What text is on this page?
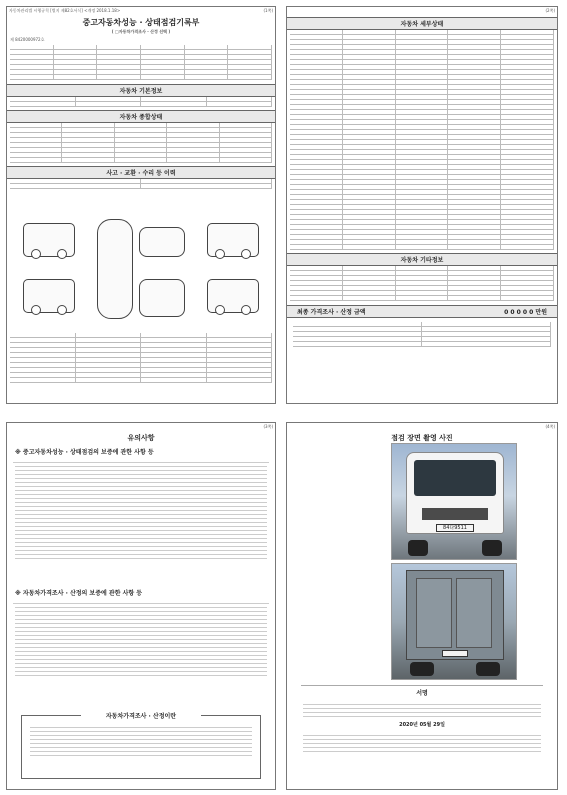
자동차관리법 시행규칙 [별지 제82호서식] <개정 2018.1.18>	(1쪽)
중고자동차성능 · 상태점검기록부
( □자동차가격조사 · 산정 선택 )
제 8420000972호
자동차 기본정보
자동차 종합상태
사고 · 교환 · 수리 등 이력
(2쪽)
자동차 세부상태
자동차 기타정보
최종 가격조사 · 산정 금액	0 0 0 0 0 만원
(3쪽)
유의사항
※ 중고자동차성능 · 상태점검의 보증에 관한 사항 등
※ 자동차가격조사 · 산정의 보증에 관한 사항 등
자동차가격조사 · 산정이란
(4쪽)
점검 장면 촬영 사진
84다9511
서명
2020년 05월 29일
